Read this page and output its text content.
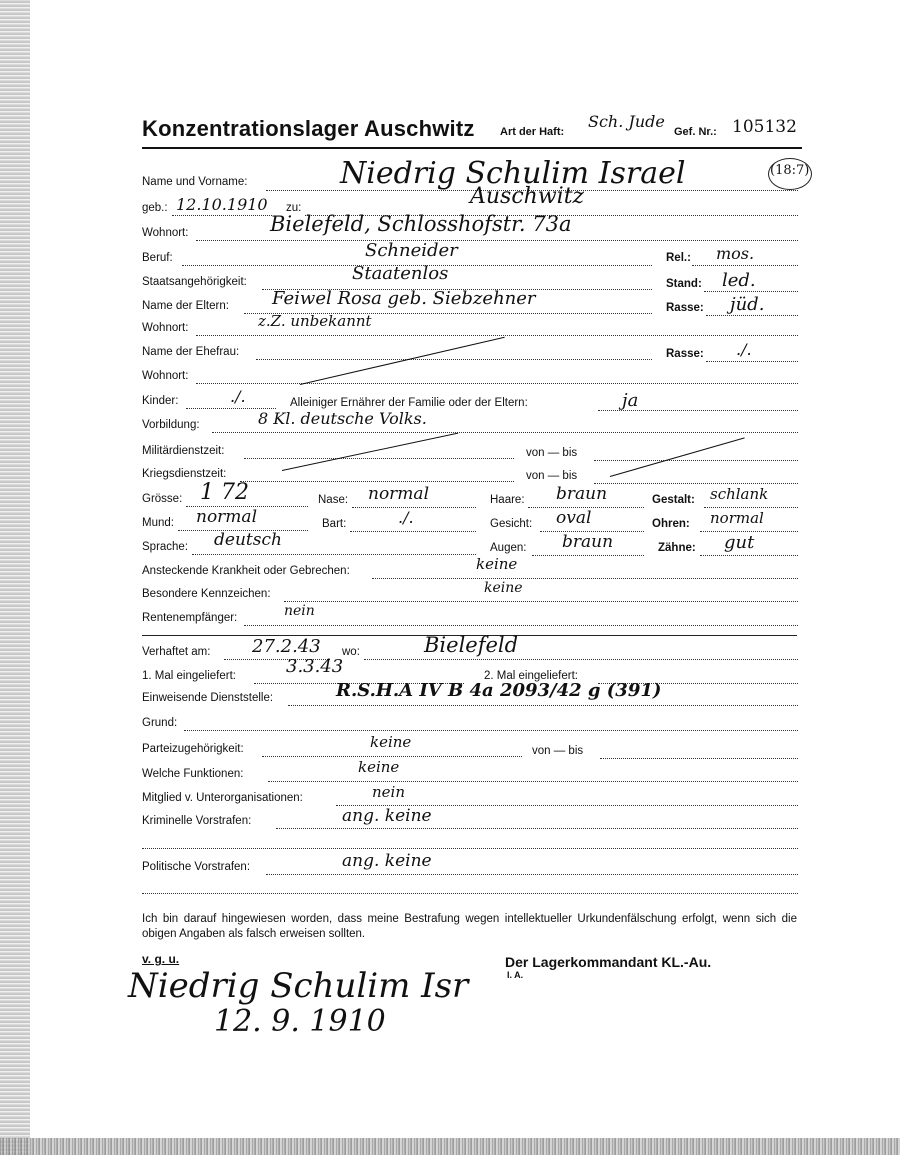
Konzentrationslager Auschwitz Art der Haft:
Sch. Jude
Gef. Nr.: 105132
(18:7)
Name und Vorname:	Niedrig Schulim Israel
geb.: 12.10.1910 zu:	Auschwitz
Wohnort:	Bielefeld, Schlosshofstr. 73a
Beruf:	Schneider	Rel.: mos.
Staatsangehörigkeit:	Staatenlos	Stand: led.
Name der Eltern: Feiwel Rosa geb. Siebzehner	Rasse: jüd.
Wohnort:	z.Z. unbekannt
Name der Ehefrau:	Rasse: ./.
Wohnort:
Kinder:	./.	Alleiniger Ernährer der Familie oder der Eltern:	ja
Vorbildung:	8 Kl. deutsche Volks.
Militärdienstzeit:	von — bis
Kriegsdienstzeit:	von — bis
Grösse: 1 72	Nase: normal	Haare: braun	Gestalt: schlank
Mund: normal	Bart:	./.	Gesicht: oval	Ohren: normal
Sprache: deutsch	Augen: braun	Zähne: gut
Ansteckende Krankheit oder Gebrechen:	keine
Besondere Kennzeichen:	keine
Rentenempfänger:	nein
Verhaftet am: 27.2.43 wo:	Bielefeld
1. Mal eingeliefert:	3.3.43	2. Mal eingeliefert:
Einweisende Dienststelle:	R.S.H.A IV B 4a 2093/42 g (391)
Grund:
Parteizugehörigkeit:	keine	von — bis
Welche Funktionen:	keine
Mitglied v. Unterorganisationen:	nein
Kriminelle Vorstrafen:	ang. keine
Politische Vorstrafen:	ang. keine
Ich bin darauf hingewiesen worden, dass meine Bestrafung wegen intellektueller Urkundenfälschung erfolgt, wenn sich die obigen Angaben als falsch erweisen sollten.
v. g. u.	Der Lagerkommandant KL.-Au.
I. A.
Niedrig Schulim Isr
12. 9. 1910
